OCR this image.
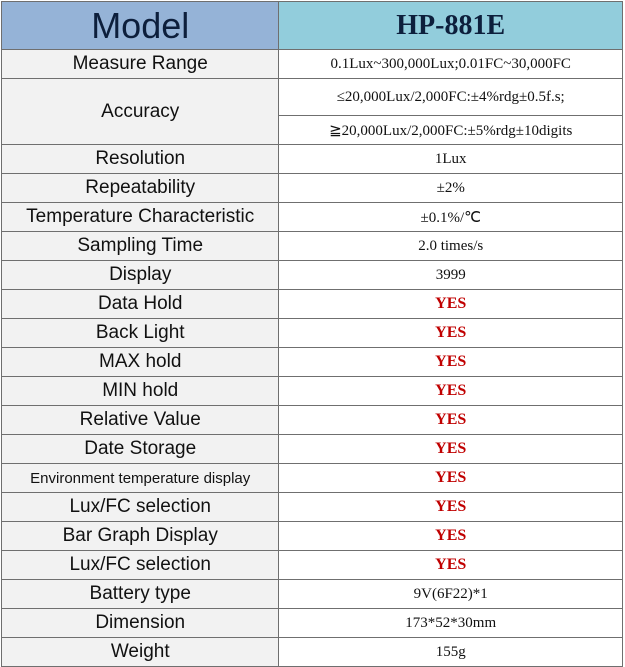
Model	HP-881E
Measure Range	0.1Lux~300,000Lux;0.01FC~30,000FC
Accuracy	≤20,000Lux/2,000FC:±4%rdg±0.5f.s;
	≧20,000Lux/2,000FC:±5%rdg±10digits
Resolution	1Lux
Repeatability	±2%
Temperature Characteristic	±0.1%/℃
Sampling Time	2.0 times/s
Display	3999
Data Hold	YES
Back Light	YES
MAX hold	YES
MIN hold	YES
Relative Value	YES
Date Storage	YES
Environment temperature display	YES
Lux/FC selection	YES
Bar Graph Display	YES
Lux/FC selection	YES
Battery type	9V(6F22)*1
Dimension	173*52*30mm
Weight	155g
